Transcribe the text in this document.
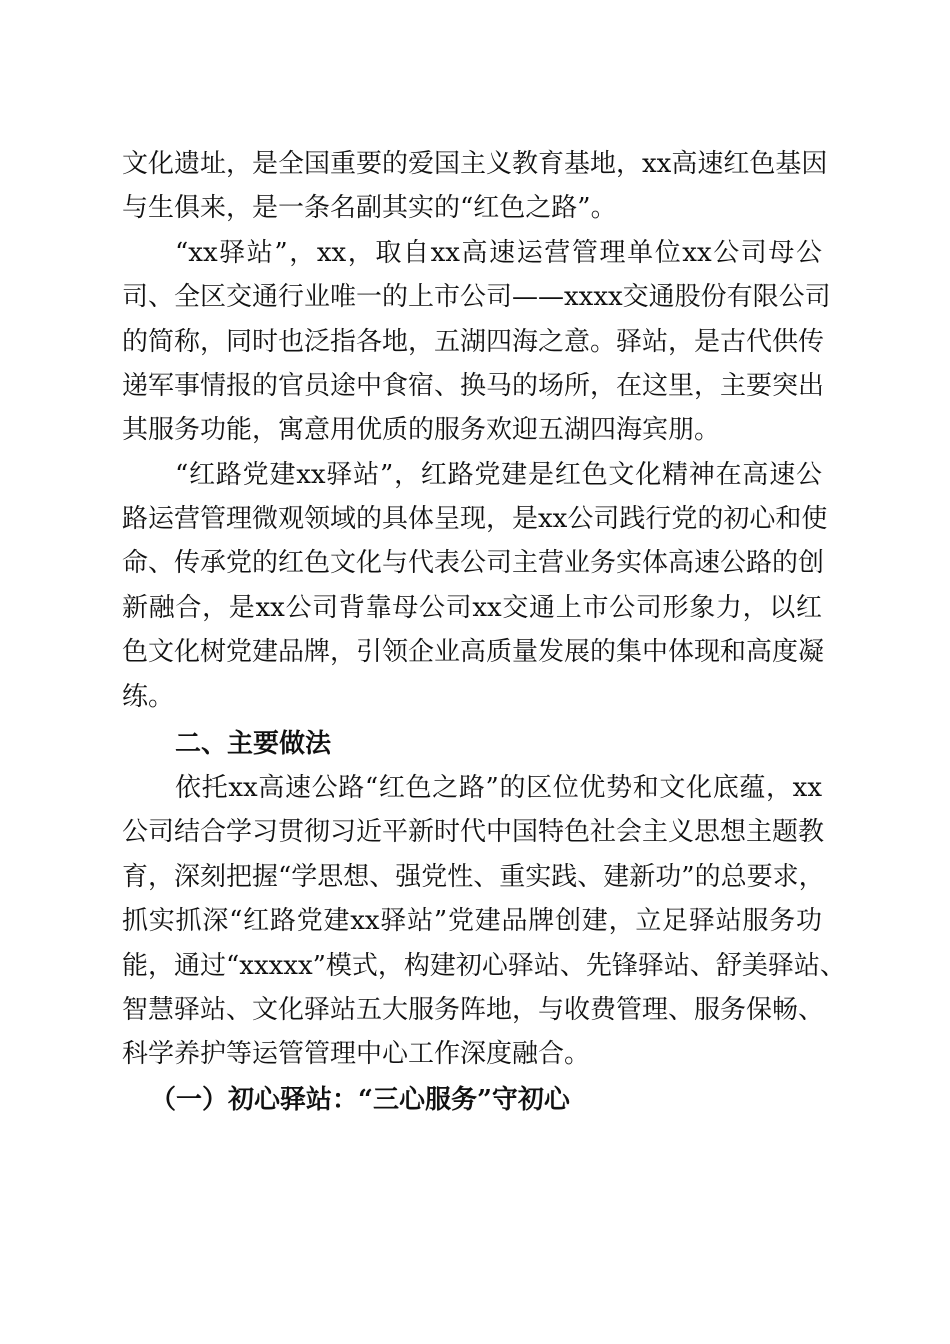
文化遗址，是全国重要的爱国主义教育基地，xx高速红色基因
与生俱来，是一条名副其实的“红色之路”。
“xx驿站”，xx，取自xx高速运营管理单位xx公司母公
司、全区交通行业唯一的上市公司——xxxx交通股份有限公司
的简称，同时也泛指各地，五湖四海之意。驿站，是古代供传
递军事情报的官员途中食宿、换马的场所，在这里，主要突出
其服务功能，寓意用优质的服务欢迎五湖四海宾朋。
“红路党建xx驿站”，红路党建是红色文化精神在高速公
路运营管理微观领域的具体呈现，是xx公司践行党的初心和使
命、传承党的红色文化与代表公司主营业务实体高速公路的创
新融合，是xx公司背靠母公司xx交通上市公司形象力，以红
色文化树党建品牌，引领企业高质量发展的集中体现和高度凝
练。
二、主要做法
依托xx高速公路“红色之路”的区位优势和文化底蕴，xx
公司结合学习贯彻习近平新时代中国特色社会主义思想主题教
育，深刻把握“学思想、强党性、重实践、建新功”的总要求，
抓实抓深“红路党建xx驿站”党建品牌创建，立足驿站服务功
能，通过“xxxxx”模式，构建初心驿站、先锋驿站、舒美驿站、
智慧驿站、文化驿站五大服务阵地，与收费管理、服务保畅、
科学养护等运管管理中心工作深度融合。
（一）初心驿站：“三心服务”守初心
